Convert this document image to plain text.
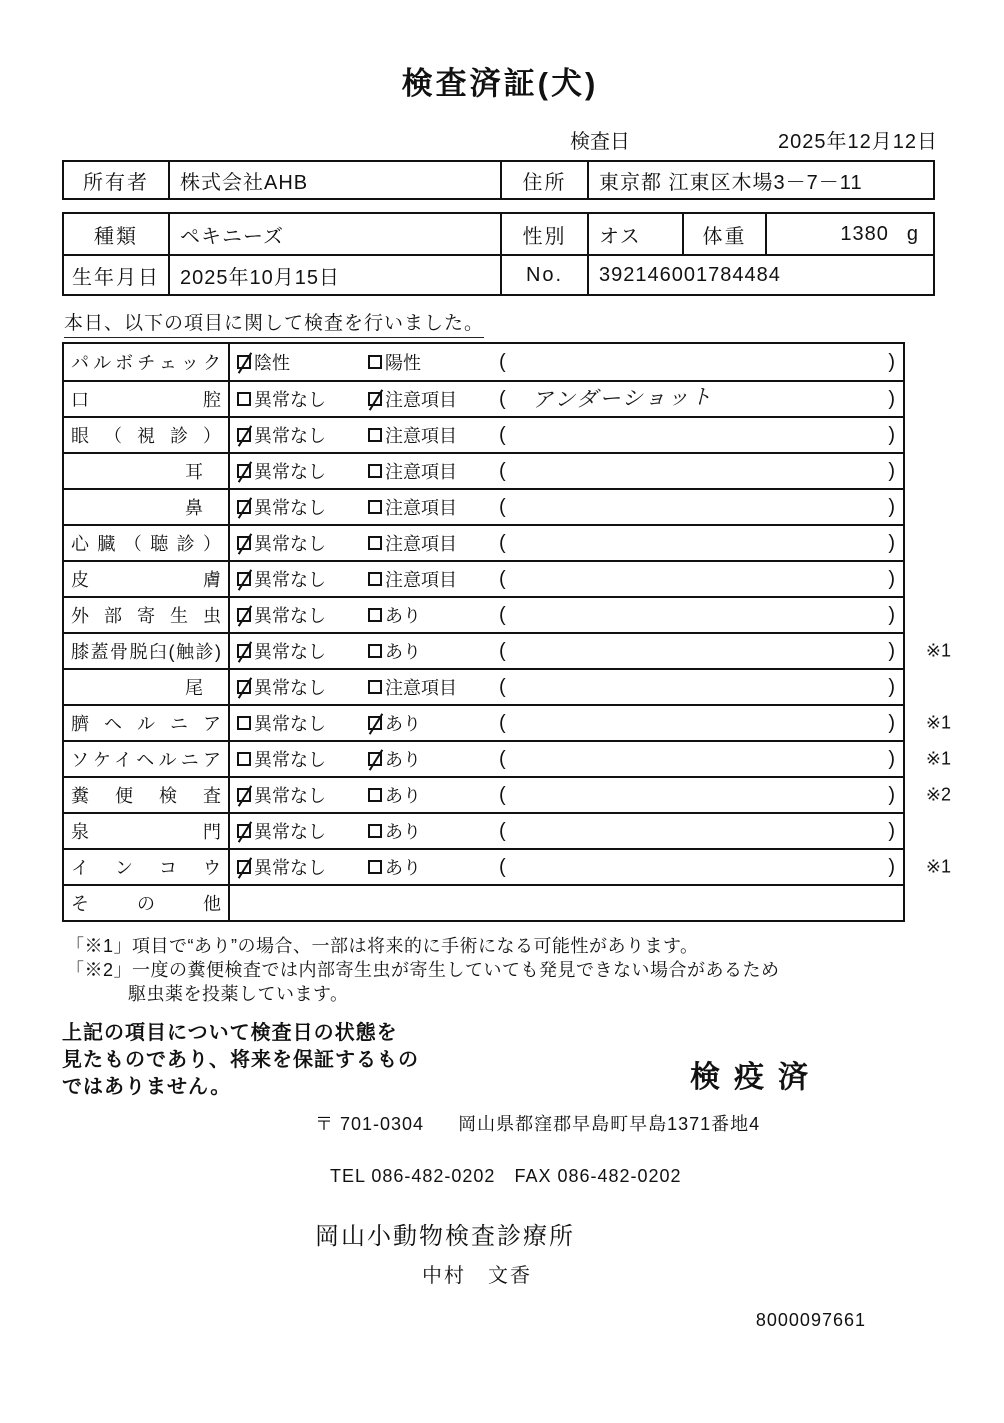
検査済証(犬)
検査日	2025年12月12日
所有者	株式会社AHB	住所	東京都 江東区木場3－7－11
種類	ペキニーズ	性別	オス	体重	1380 g
生年月日	2025年10月15日	No.	392146001784484
本日、以下の項目に関して検査を行いました。
パルボチェック 陰性	陽性	(	)
口腔 異常なし	注意項目 (	アンダーショット	)
眼（視診） 異常なし	注意項目 (	)
　耳　 異常なし	注意項目 (	)
　鼻　 異常なし	注意項目 (	)
心臓（聴診） 異常なし	注意項目 (	)
皮膚 異常なし	注意項目 (	)
外部寄生虫 異常なし	あり	(	)
膝蓋骨脱臼(触診) 異常なし	あり	(	)	※1
　尾　 異常なし	注意項目 (	)
臍ヘルニア 異常なし	あり	(	)	※1
ソケイヘルニア 異常なし	あり	(	)	※1
糞便検査 異常なし	あり	(	)	※2
泉門 異常なし	あり	(	)
インコウ 異常なし	あり	(	)	※1
その他
「※1」項目で“あり”の場合、一部は将来的に手術になる可能性があります。
「※2」一度の糞便検査では内部寄生虫が寄生していても発見できない場合があるため
駆虫薬を投薬しています。
上記の項目について検査日の状態を
見たものであり、将来を保証するもの
ではありません。	検疫済
〒 701-0304 岡山県都窪郡早島町早島1371番地4
TEL 086-482-0202　FAX 086-482-0202
岡山小動物検査診療所
中村　文香
8000097661
